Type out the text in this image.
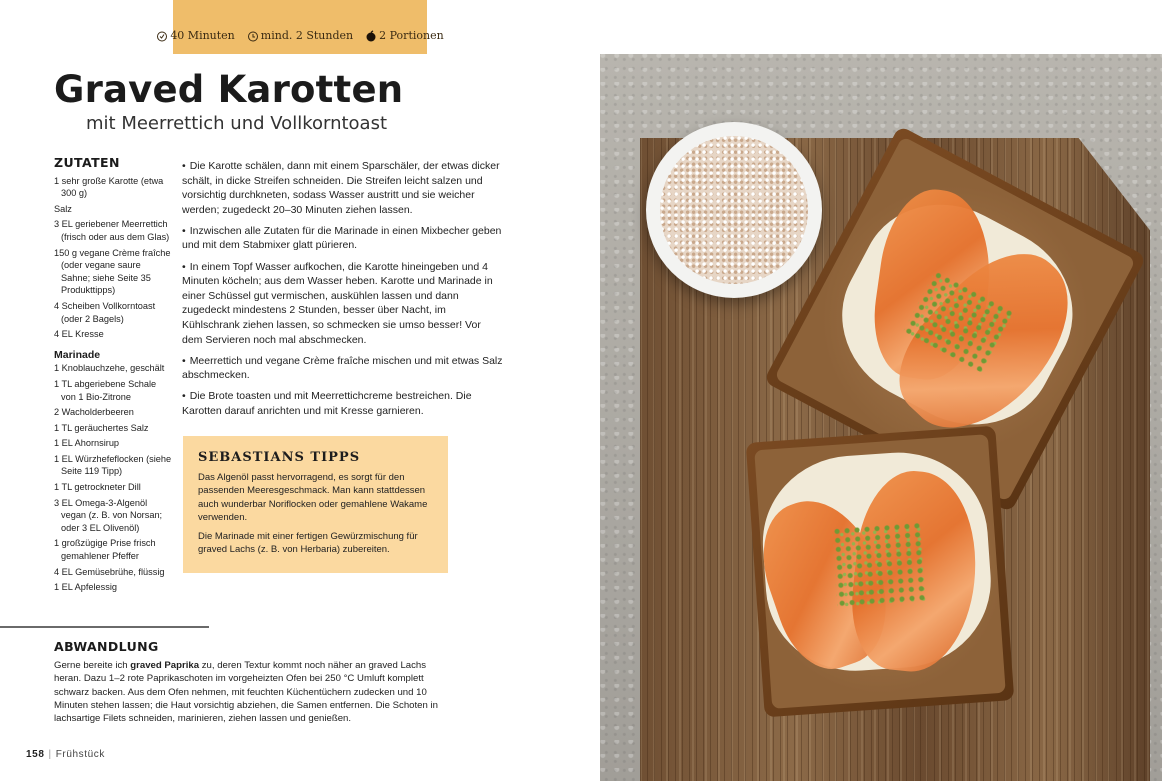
40 Minuten mind. 2 Stunden 2 Portionen
Graved Karotten
mit Meerrettich und Vollkorntoast
ZUTATEN
1 sehr große Karotte (etwa 300 g)
Salz
3 EL geriebener Meerrettich (frisch oder aus dem Glas)
150 g vegane Crème fraîche (oder vegane saure Sahne; siehe Seite 35 Produkttipps)
4 Scheiben Vollkorntoast (oder 2 Bagels)
4 EL Kresse
Marinade
1 Knoblauchzehe, geschält
1 TL abgeriebene Schale von 1 Bio-Zitrone
2 Wacholderbeeren
1 TL geräuchertes Salz
1 EL Ahornsirup
1 EL Würzhefeflocken (siehe Seite 119 Tipp)
1 TL getrockneter Dill
3 EL Omega-3-Algenöl vegan (z. B. von Norsan; oder 3 EL Olivenöl)
1 großzügige Prise frisch gemahlener Pfeffer
4 EL Gemüsebrühe, flüssig
1 EL Apfelessig

• Die Karotte schälen, dann mit einem Sparschäler, der etwas dicker schält, in dicke Streifen schneiden. Die Streifen leicht salzen und vorsichtig durchkneten, sodass Wasser austritt und sie weicher werden; zugedeckt 20–30 Minuten ziehen lassen.

• Inzwischen alle Zutaten für die Marinade in einen Mixbecher geben und mit dem Stabmixer glatt pürieren.

• In einem Topf Wasser aufkochen, die Karotte hineingeben und 4 Minuten köcheln; aus dem Wasser heben. Karotte und Marinade in einer Schüssel gut vermischen, auskühlen lassen und dann zugedeckt mindestens 2 Stunden, besser über Nacht, im Kühlschrank ziehen lassen, so schmecken sie umso besser! Vor dem Servieren noch mal abschmecken.

• Meerrettich und vegane Crème fraîche mischen und mit etwas Salz abschmecken.

• Die Brote toasten und mit Meerrettichcreme bestreichen. Die Karotten darauf anrichten und mit Kresse garnieren.

SEBASTIANS TIPPS

Das Algenöl passt hervorragend, es sorgt für den passenden Meeresgeschmack. Man kann stattdessen auch wunderbar Noriflocken oder gemahlene Wakame verwenden.

Die Marinade mit einer fertigen Gewürzmischung für graved Lachs (z. B. von Herbaria) zubereiten.

ABWANDLUNG

Gerne bereite ich graved Paprika zu, deren Textur kommt noch näher an graved Lachs heran. Dazu 1–2 rote Paprikaschoten im vorgeheizten Ofen bei 250 °C Umluft komplett schwarz backen. Aus dem Ofen nehmen, mit feuchten Küchentüchern zudecken und 10 Minuten stehen lassen; die Haut vorsichtig abziehen, die Samen entfernen. Die Schoten in lachsartige Filets schneiden, marinieren, ziehen lassen und genießen.

158 | Frühstück
